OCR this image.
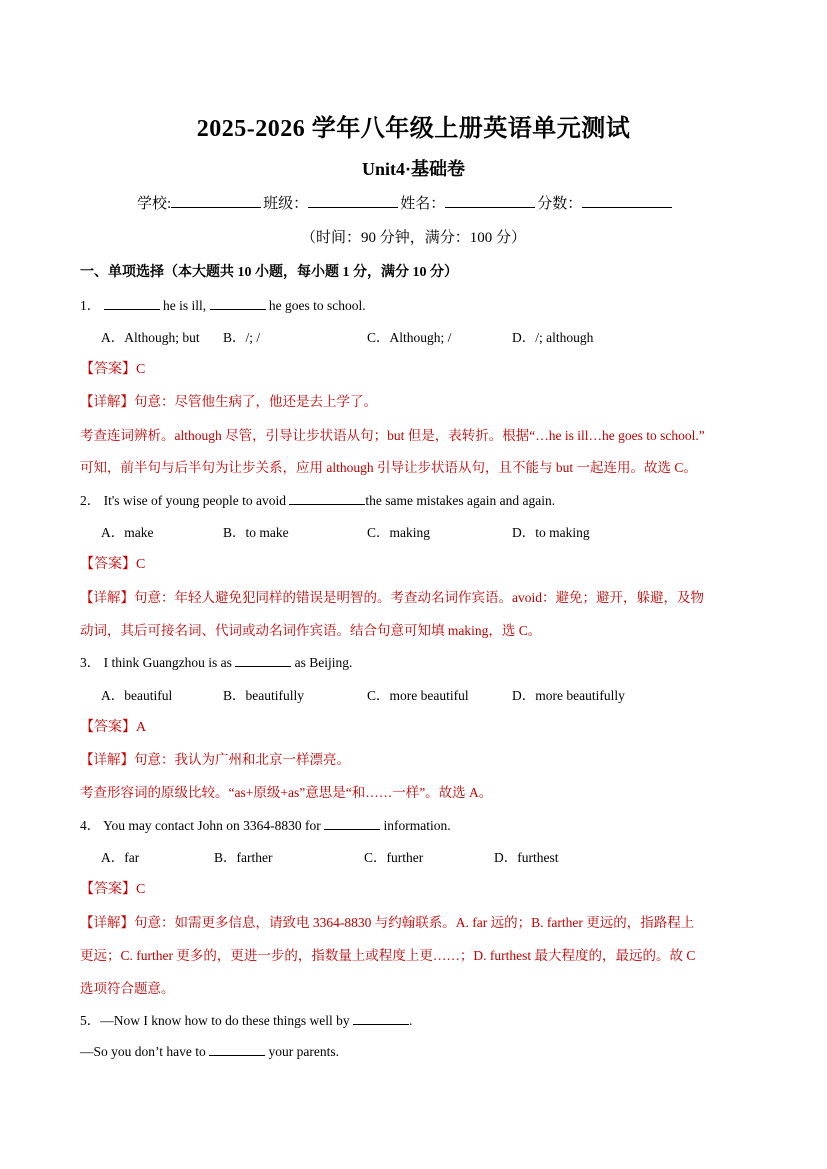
2025-2026 学年八年级上册英语单元测试
Unit4·基础卷
学校:	班级：	姓名：	分数：
（时间：90 分钟，满分：100 分）
一、单项选择（本大题共 10 小题，每小题 1 分，满分 10 分）
1．	he is ill,	he goes to school.
A．Although; but B．/; /	C．Although; /	D．/; although
【答案】C
【详解】句意：尽管他生病了，他还是去上学了。
考查连词辨析。although 尽管，引导让步状语从句；but 但是，表转折。根据“…he is ill…he goes to school.”
可知，前半句与后半句为让步关系，应用 although 引导让步状语从句，且不能与 but 一起连用。故选 C。
2． It's wise of young people to avoid	the same mistakes again and again.
A．make	B．to make	C．making	D．to making
【答案】C
【详解】句意：年轻人避免犯同样的错误是明智的。考查动名词作宾语。avoid：避免；避开，躲避，及物
动词，其后可接名词、代词或动名词作宾语。结合句意可知填 making，选 C。
3． I think Guangzhou is as	as Beijing.
A．beautiful	B．beautifully	C．more beautiful	D．more beautifully
【答案】A
【详解】句意：我认为广州和北京一样漂亮。
考查形容词的原级比较。“as+原级+as”意思是“和……一样”。故选 A。
4． You may contact John on 3364-8830 for	information.
A．far	B．farther	C．further	D．furthest
【答案】C
【详解】句意：如需更多信息，请致电 3364-8830 与约翰联系。A. far 远的；B. farther 更远的，指路程上
更远；C. further 更多的，更进一步的，指数量上或程度上更……；D. furthest 最大程度的，最远的。故 C
选项符合题意。
5．—Now I know how to do these things well by	.
—So you don’t have to	your parents.
